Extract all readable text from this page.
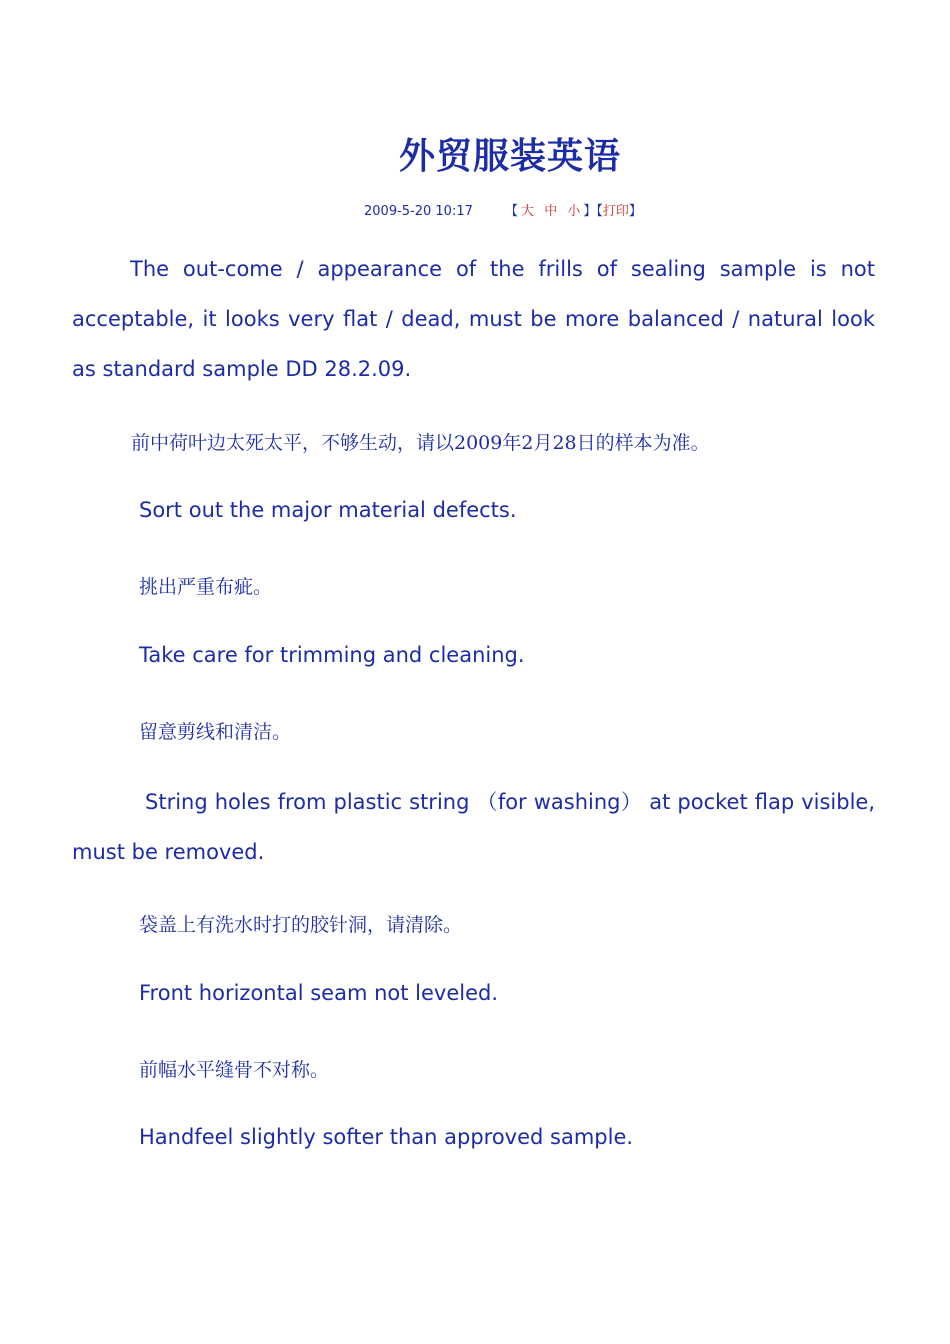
外贸服装英语
2009-5-20 10:17 【 大 中 小 】【打印】
The out-come / appearance of the frills of sealing sample is not acceptable, it looks very flat / dead, must be more balanced / natural look as standard sample DD 28.2.09.
前中荷叶边太死太平，不够生动，请以2009年2月28日的样本为准。
Sort out the major material defects.
挑出严重布疵。
Take care for trimming and cleaning.
留意剪线和清洁。
String holes from plastic string （for washing） at pocket flap visible, must be removed.
袋盖上有洗水时打的胶针洞，请清除。
Front horizontal seam not leveled.
前幅水平缝骨不对称。
Handfeel slightly softer than approved sample.
